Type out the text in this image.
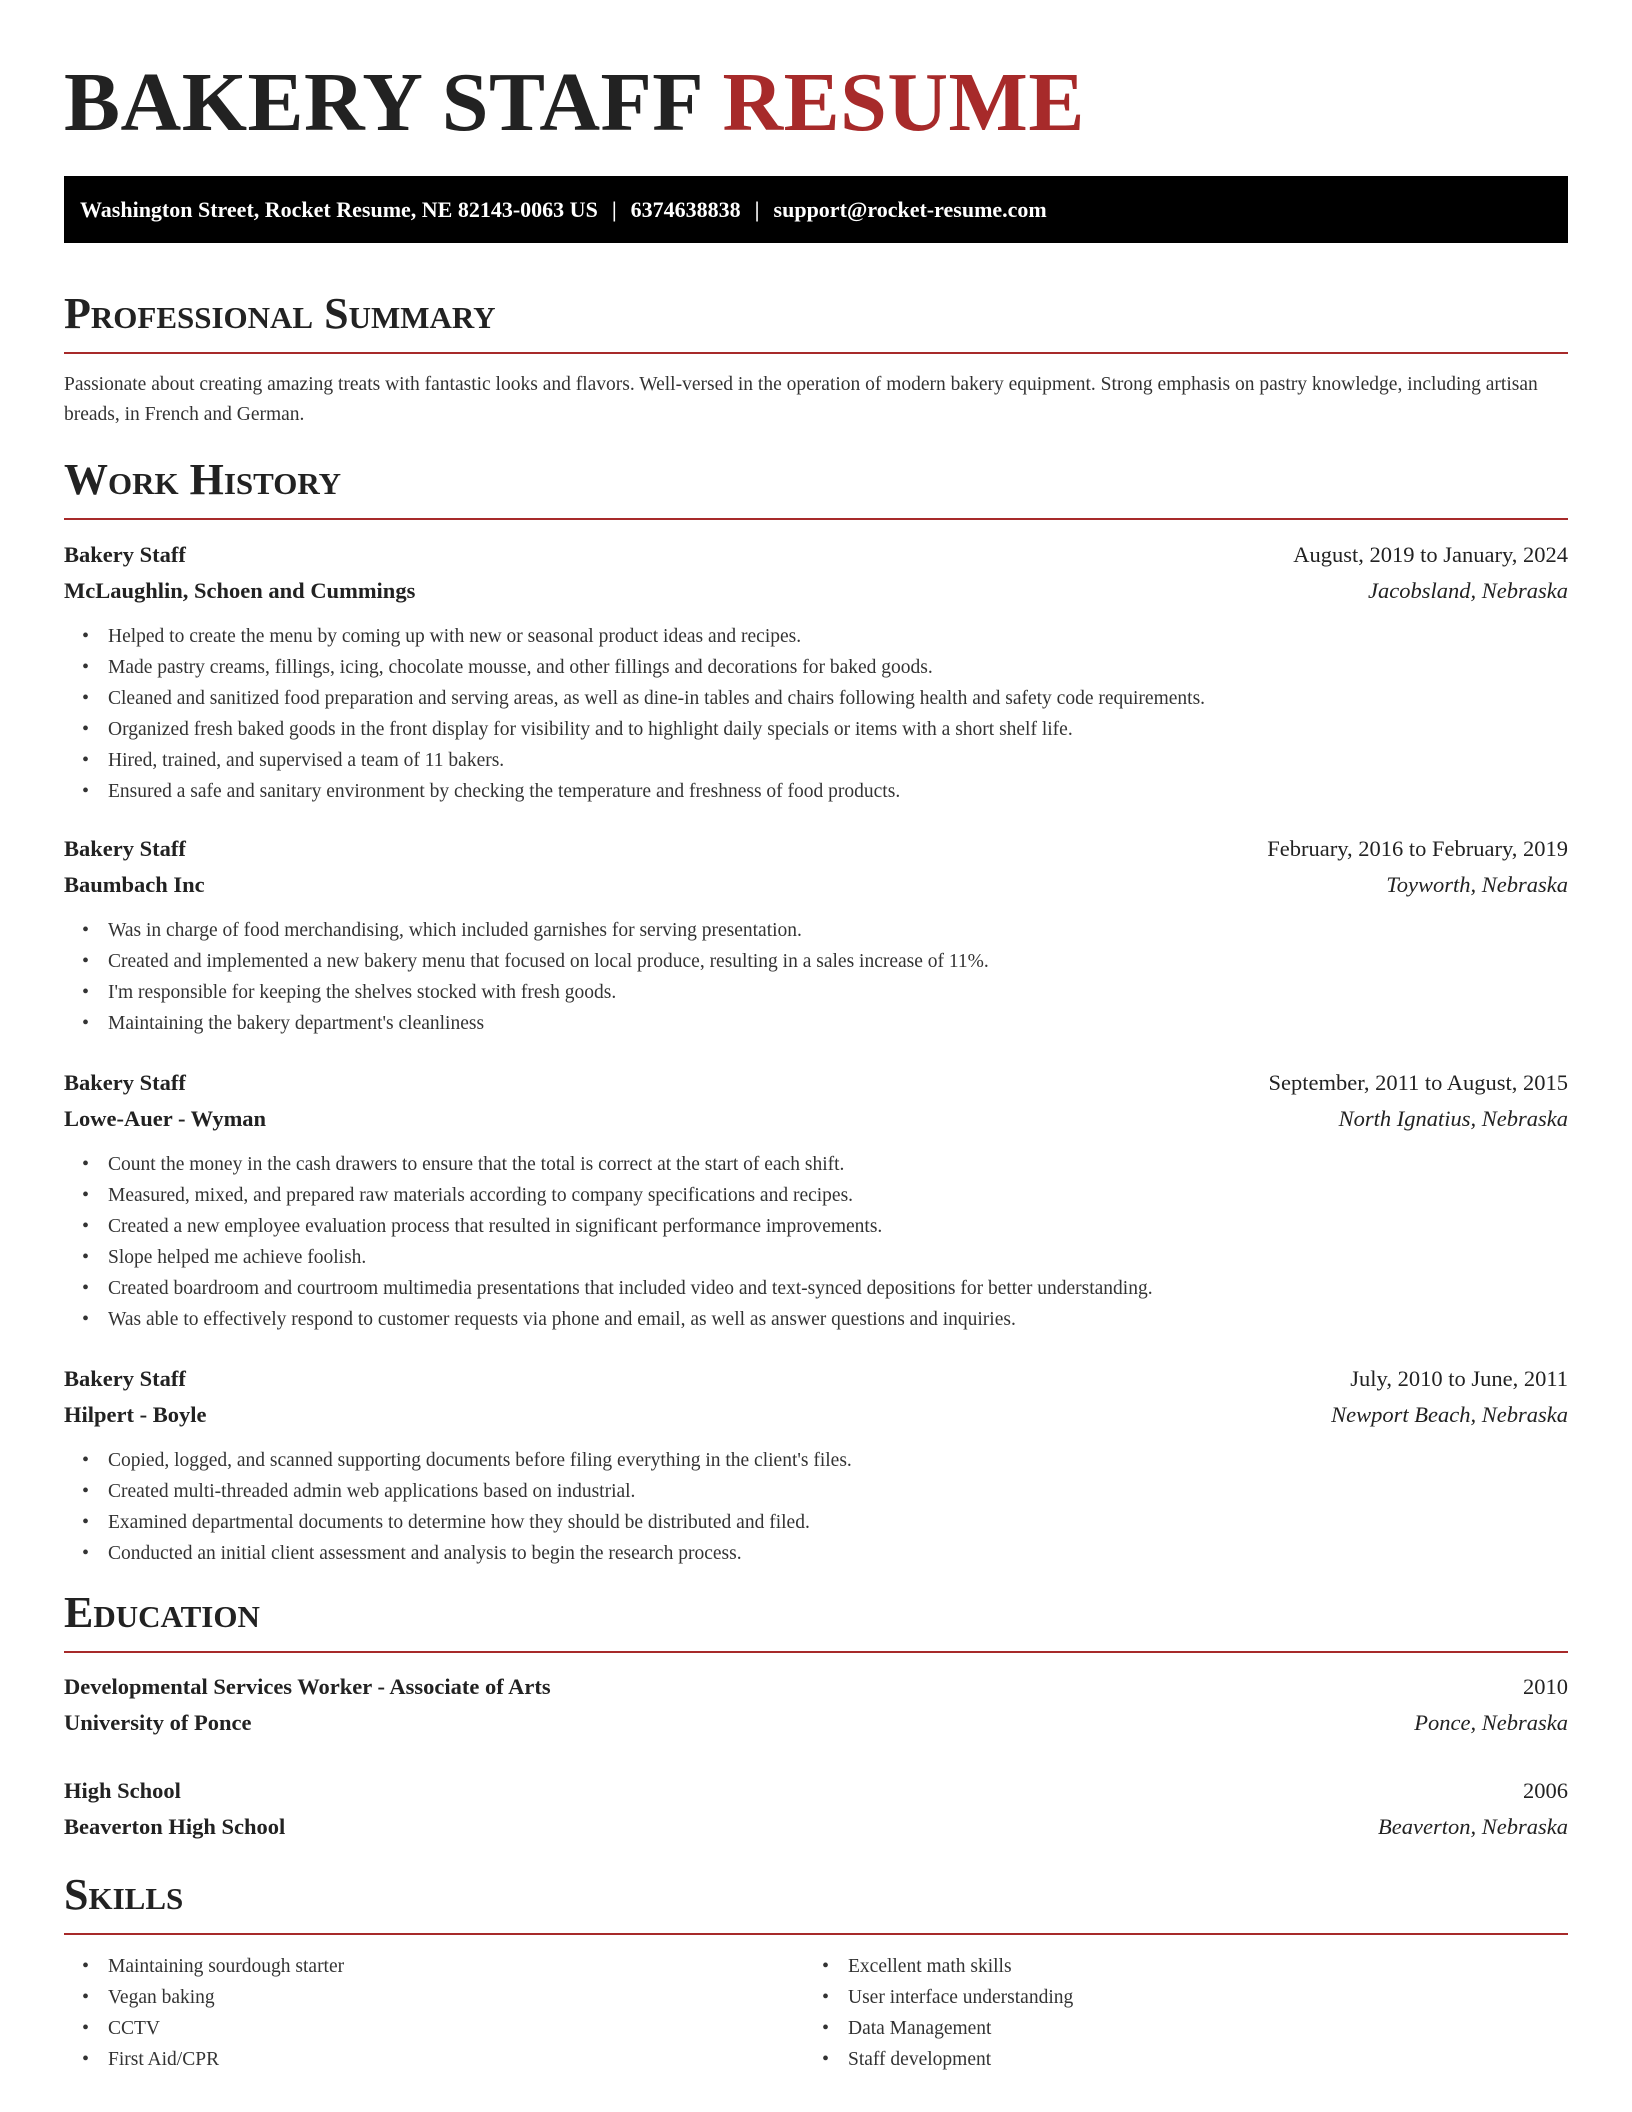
BAKERY STAFF RESUME
Washington Street, Rocket Resume, NE 82143-0063 US | 6374638838 | support@rocket-resume.com
Professional Summary

Passionate about creating amazing treats with fantastic looks and flavors. Well-versed in the operation of modern bakery equipment. Strong emphasis on pastry knowledge, including artisan breads, in French and German.

Work History
Bakery Staff	August, 2019 to January, 2024
McLaughlin, Schoen and Cummings	Jacobsland, Nebraska
• Helped to create the menu by coming up with new or seasonal product ideas and recipes.
• Made pastry creams, fillings, icing, chocolate mousse, and other fillings and decorations for baked goods.
• Cleaned and sanitized food preparation and serving areas, as well as dine-in tables and chairs following health and safety code requirements.
• Organized fresh baked goods in the front display for visibility and to highlight daily specials or items with a short shelf life.
• Hired, trained, and supervised a team of 11 bakers.
• Ensured a safe and sanitary environment by checking the temperature and freshness of food products.
Bakery Staff	February, 2016 to February, 2019
Baumbach Inc	Toyworth, Nebraska
• Was in charge of food merchandising, which included garnishes for serving presentation.
• Created and implemented a new bakery menu that focused on local produce, resulting in a sales increase of 11%.
• I'm responsible for keeping the shelves stocked with fresh goods.
• Maintaining the bakery department's cleanliness
Bakery Staff	September, 2011 to August, 2015
Lowe-Auer - Wyman	North Ignatius, Nebraska
• Count the money in the cash drawers to ensure that the total is correct at the start of each shift.
• Measured, mixed, and prepared raw materials according to company specifications and recipes.
• Created a new employee evaluation process that resulted in significant performance improvements.
• Slope helped me achieve foolish.
• Created boardroom and courtroom multimedia presentations that included video and text-synced depositions for better understanding.
• Was able to effectively respond to customer requests via phone and email, as well as answer questions and inquiries.
Bakery Staff	July, 2010 to June, 2011
Hilpert - Boyle	Newport Beach, Nebraska
• Copied, logged, and scanned supporting documents before filing everything in the client's files.
• Created multi-threaded admin web applications based on industrial.
• Examined departmental documents to determine how they should be distributed and filed.
• Conducted an initial client assessment and analysis to begin the research process.
Education
Developmental Services Worker - Associate of Arts	2010
University of Ponce	Ponce, Nebraska
High School	2006
Beaverton High School	Beaverton, Nebraska
Skills
• Maintaining sourdough starter
• Vegan baking
• CCTV
• First Aid/CPR
• Excellent math skills
• User interface understanding
• Data Management
• Staff development
